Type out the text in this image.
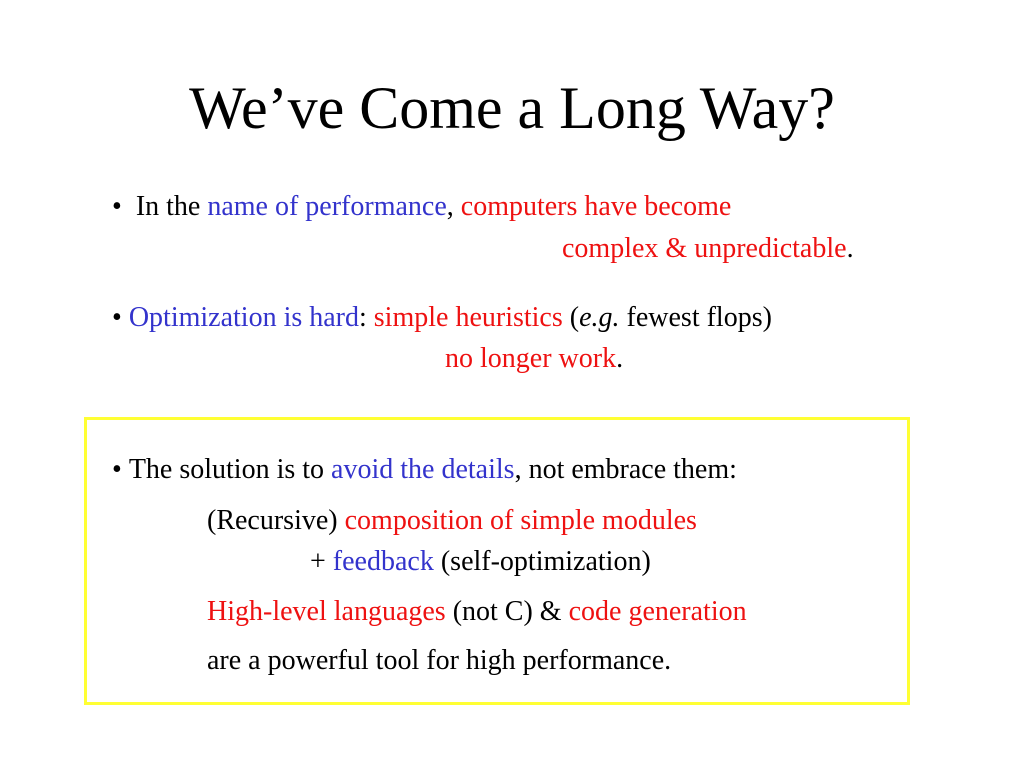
We’ve Come a Long Way?
• In the name of performance, computers have become
complex & unpredictable.
• Optimization is hard: simple heuristics (e.g. fewest flops)
no longer work.
• The solution is to avoid the details, not embrace them:
(Recursive) composition of simple modules
+ feedback (self-optimization)
High-level languages (not C) & code generation
are a powerful tool for high performance.
